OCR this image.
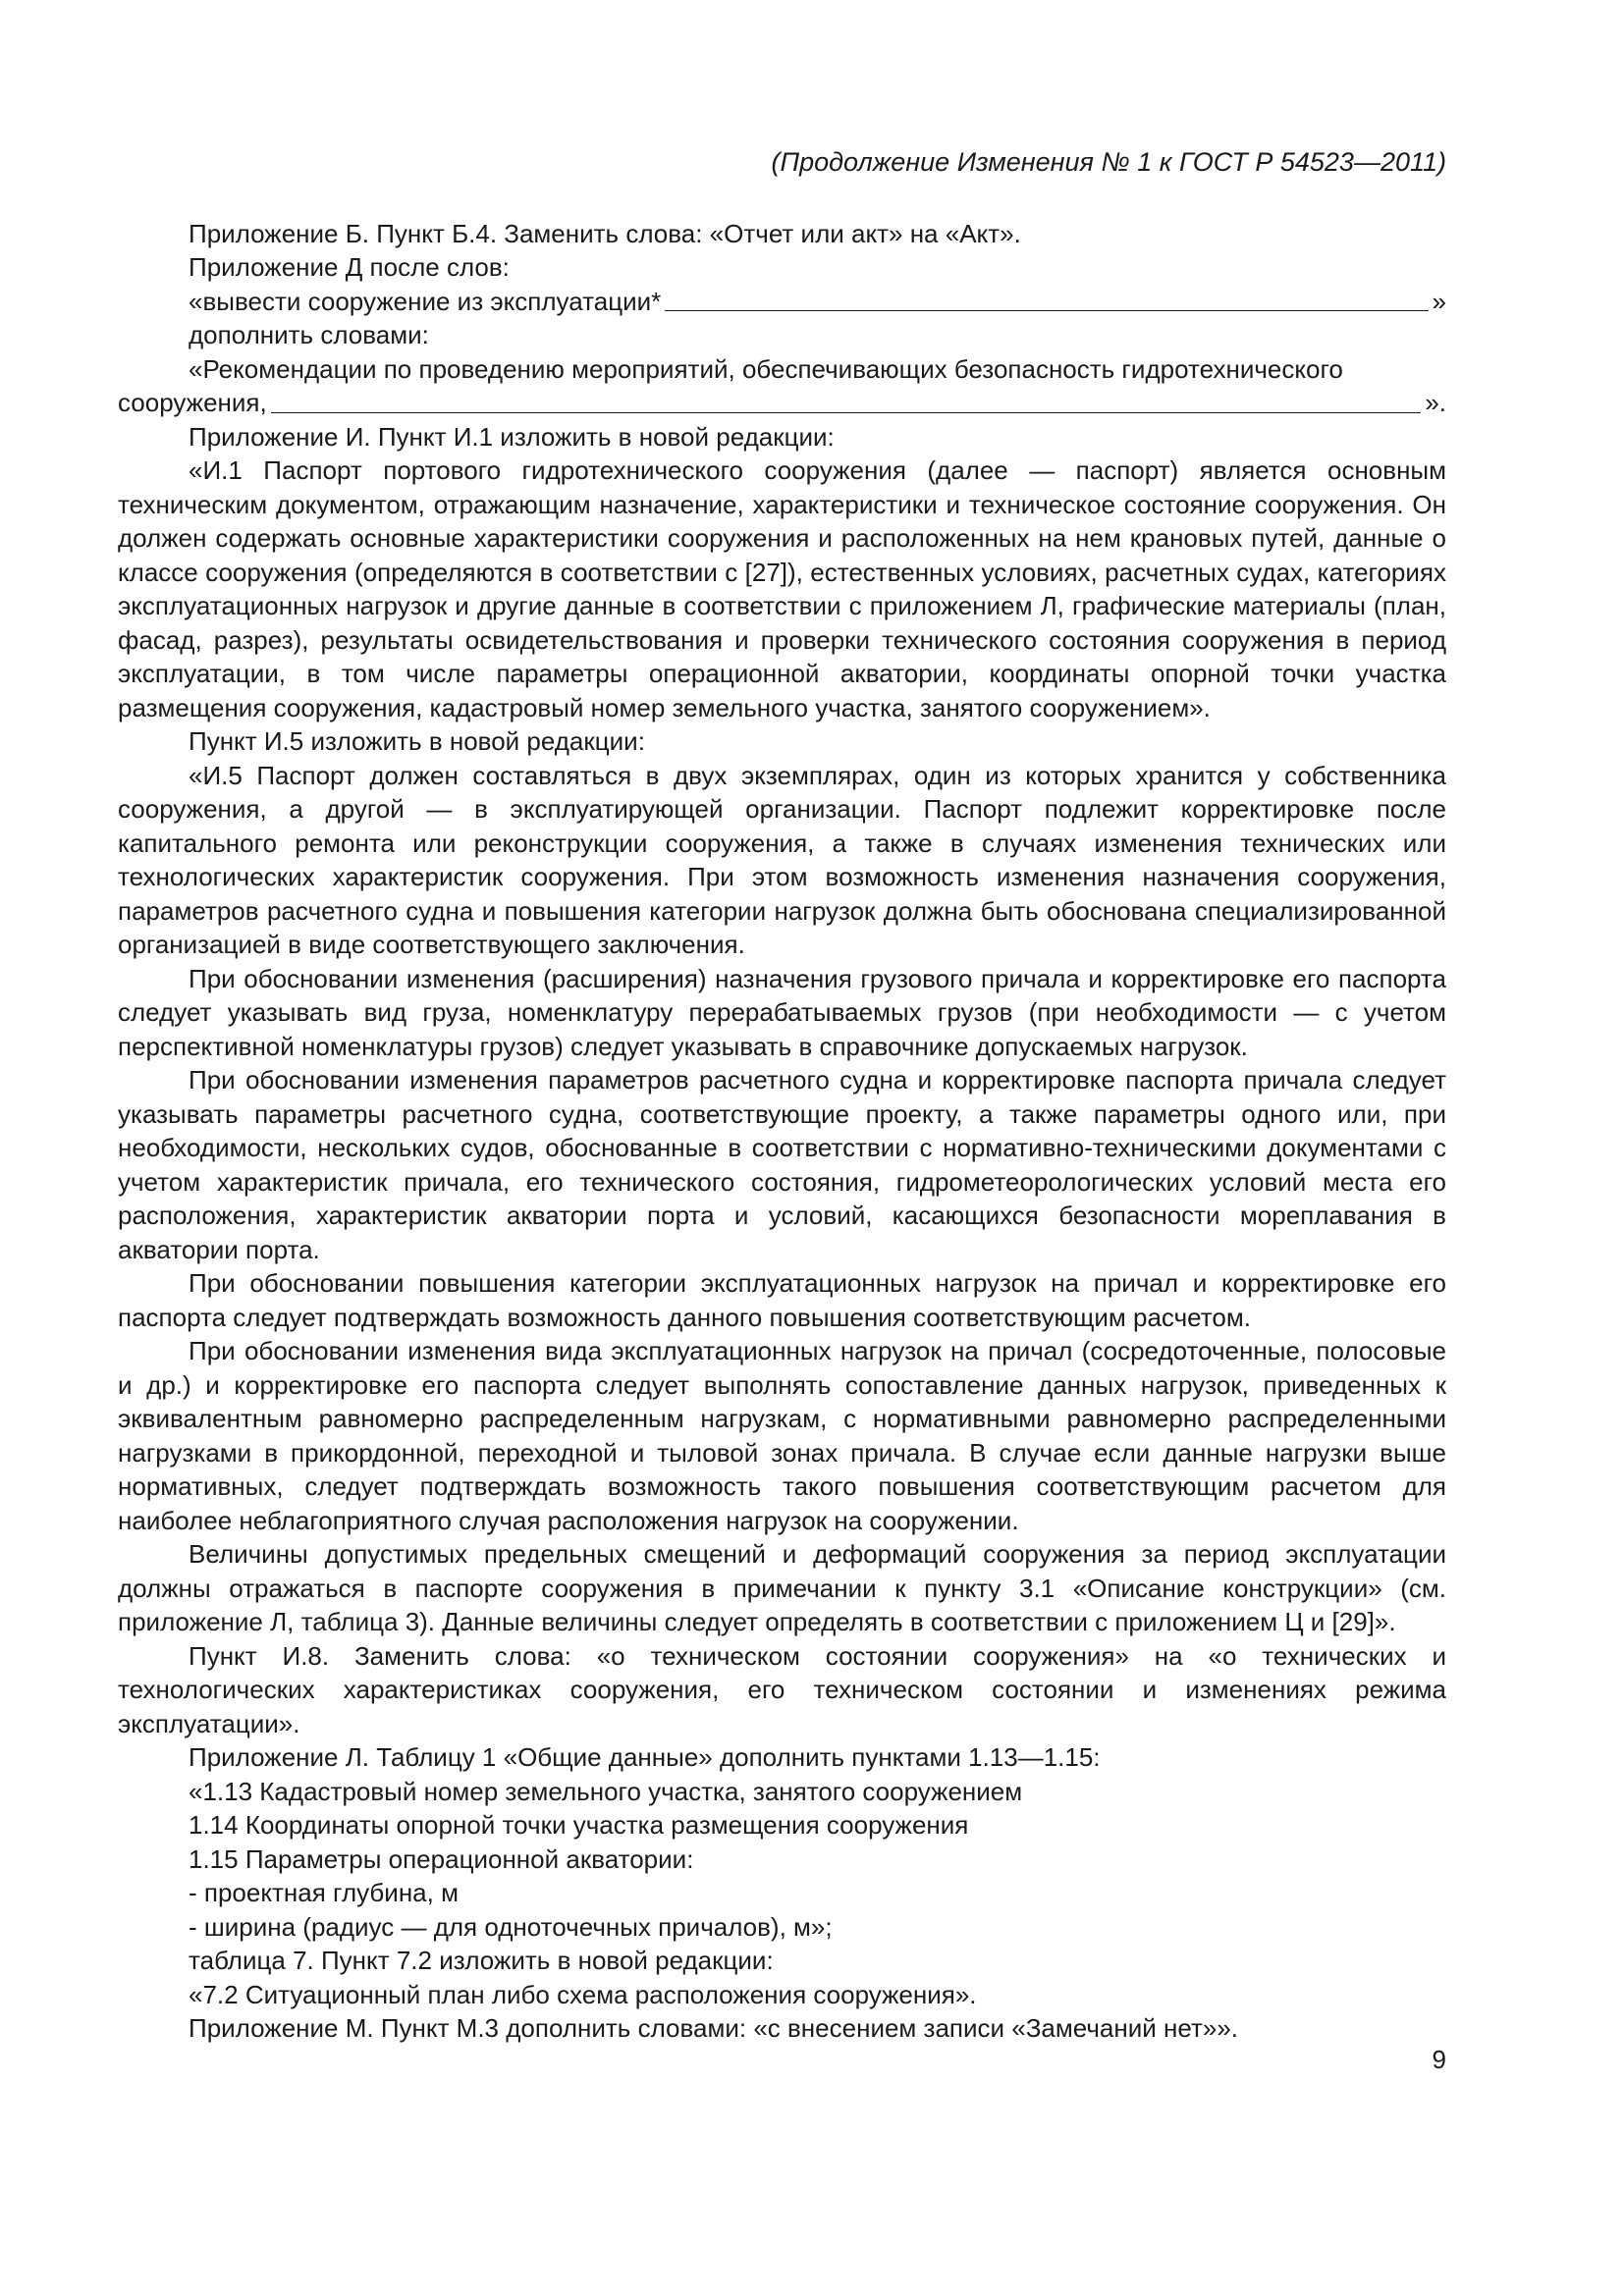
(Продолжение Изменения № 1 к ГОСТ Р 54523—2011)

Приложение Б. Пункт Б.4. Заменить слова: «Отчет или акт» на «Акт».

Приложение Д после слов:

«вывести сооружение из эксплуатации*	»

дополнить словами:

«Рекомендации по проведению мероприятий, обеспечивающих безопасность гидротехнического

сооружения,	».

Приложение И. Пункт И.1 изложить в новой редакции:

«И.1 Паспорт портового гидротехнического сооружения (далее — паспорт) является основным техническим документом, отражающим назначение, характеристики и техническое состояние сооружения. Он должен содержать основные характеристики сооружения и расположенных на нем крановых путей, данные о классе сооружения (определяются в соответствии с [27]), естественных условиях, расчетных судах, категориях эксплуатационных нагрузок и другие данные в соответствии с приложением Л, графические материалы (план, фасад, разрез), результаты освидетельствования и проверки технического состояния сооружения в период эксплуатации, в том числе параметры операционной акватории, координаты опорной точки участка размещения сооружения, кадастровый номер земельного участка, занятого сооружением».

Пункт И.5 изложить в новой редакции:

«И.5 Паспорт должен составляться в двух экземплярах, один из которых хранится у собственника сооружения, а другой — в эксплуатирующей организации. Паспорт подлежит корректировке после капитального ремонта или реконструкции сооружения, а также в случаях изменения технических или технологических характеристик сооружения. При этом возможность изменения назначения сооружения, параметров расчетного судна и повышения категории нагрузок должна быть обоснована специализированной организацией в виде соответствующего заключения.

При обосновании изменения (расширения) назначения грузового причала и корректировке его паспорта следует указывать вид груза, номенклатуру перерабатываемых грузов (при необходимости — с учетом перспективной номенклатуры грузов) следует указывать в справочнике допускаемых нагрузок.

При обосновании изменения параметров расчетного судна и корректировке паспорта причала следует указывать параметры расчетного судна, соответствующие проекту, а также параметры одного или, при необходимости, нескольких судов, обоснованные в соответствии с нормативно-техническими документами с учетом характеристик причала, его технического состояния, гидрометеорологических условий места его расположения, характеристик акватории порта и условий, касающихся безопасности мореплавания в акватории порта.

При обосновании повышения категории эксплуатационных нагрузок на причал и корректировке его паспорта следует подтверждать возможность данного повышения соответствующим расчетом.

При обосновании изменения вида эксплуатационных нагрузок на причал (сосредоточенные, полосовые и др.) и корректировке его паспорта следует выполнять сопоставление данных нагрузок, приведенных к эквивалентным равномерно распределенным нагрузкам, с нормативными равномерно распределенными нагрузками в прикордонной, переходной и тыловой зонах причала. В случае если данные нагрузки выше нормативных, следует подтверждать возможность такого повышения соответствующим расчетом для наиболее неблагоприятного случая расположения нагрузок на сооружении.

Величины допустимых предельных смещений и деформаций сооружения за период эксплуатации должны отражаться в паспорте сооружения в примечании к пункту 3.1 «Описание конструкции» (см. приложение Л, таблица 3). Данные величины следует определять в соответствии с приложением Ц и [29]».

Пункт И.8. Заменить слова: «о техническом состоянии сооружения» на «о технических и технологических характеристиках сооружения, его техническом состоянии и изменениях режима эксплуатации».

Приложение Л. Таблицу 1 «Общие данные» дополнить пунктами 1.13—1.15:

«1.13 Кадастровый номер земельного участка, занятого сооружением

1.14 Координаты опорной точки участка размещения сооружения

1.15 Параметры операционной акватории:

- проектная глубина, м

- ширина (радиус — для одноточечных причалов), м»;

таблица 7. Пункт 7.2 изложить в новой редакции:

«7.2 Ситуационный план либо схема расположения сооружения».

Приложение М. Пункт М.3 дополнить словами: «с внесением записи «Замечаний нет»».

9
